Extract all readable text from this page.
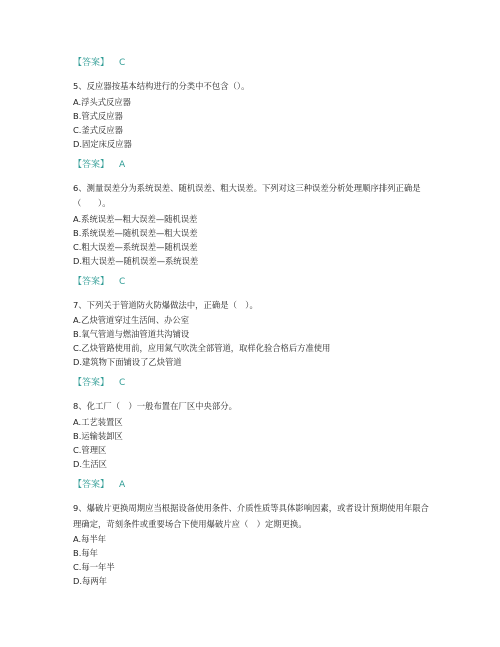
【答案】 C

5、反应器按基本结构进行的分类中不包含（）。

A.浮头式反应器

B.管式反应器

C.釜式反应器

D.固定床反应器

【答案】 A

6、测量误差分为系统误差、随机误差、粗大误差。下列对这三种误差分析处理顺序排列正确是（　　）。

A.系统误差—粗大误差—随机误差

B.系统误差—随机误差—粗大误差

C.粗大误差—系统误差—随机误差

D.粗大误差—随机误差—系统误差

【答案】 C

7、下列关于管道防火防爆做法中，正确是（　）。

A.乙炔管道穿过生活间、办公室

B.氧气管道与燃油管道共沟铺设

C.乙炔管路使用前，应用氮气吹洗全部管道，取样化验合格后方准使用

D.建筑物下面铺设了乙炔管道

【答案】 C

8、化工厂（　）一般布置在厂区中央部分。

A.工艺装置区

B.运输装卸区

C.管理区

D.生活区

【答案】 A

9、爆破片更换周期应当根据设备使用条件、介质性质等具体影响因素，或者设计预期使用年限合理确定，苛刻条件或重要场合下使用爆破片应（　）定期更换。

A.每半年

B.每年

C.每一年半

D.每两年
